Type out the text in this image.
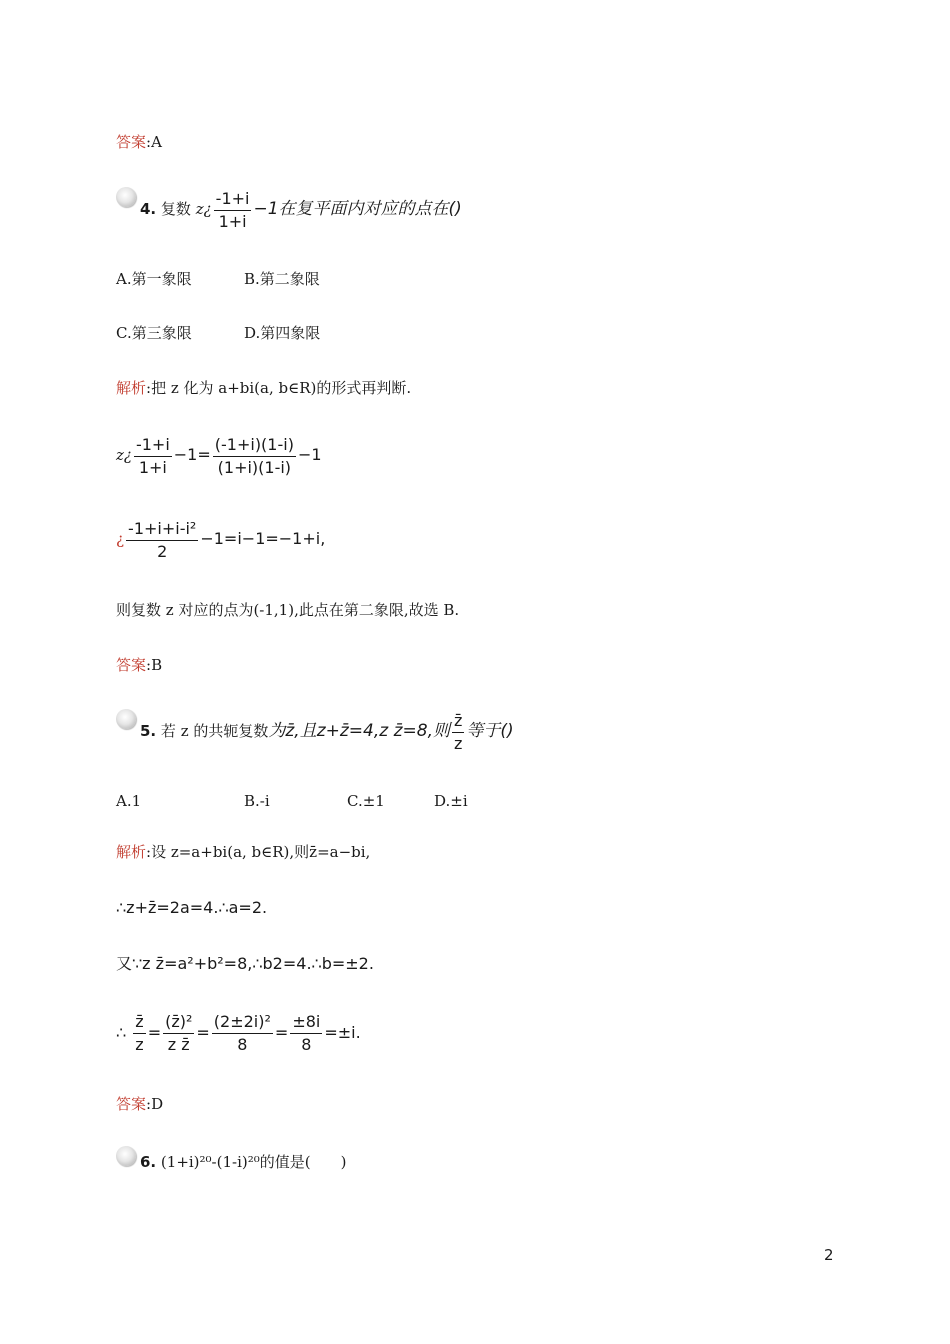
答案:A
4. 复数 z¿ $\frac{-1+i}{1+i} -1$在复平面内对应的点在()
A.第一象限	B.第二象限
C.第三象限	D.第四象限
解析:把 z 化为 a+bi(a, b∈R)的形式再判断.
z¿ $\frac{-1+i}{1+i} -1= \frac{(-1+i)(1-i)}{(1+i)(1-i)} -1$
¿ $\frac{\text{-1+i+i-i²}}{2} -1=i-1=-1+i$,
则复数 z 对应的点为(-1,1),此点在第二象限,故选 B.
答案:B
5. 若 z 的共轭复数为z̄,且z+z̄=4,z z̄=8,则 $\frac{z̄}{z}$ 等于()
A.1	B.-i	C.±1	D.±i
解析:设 z=a+bi(a, b∈R),则z̄=a−bi,
∴z+z̄=2a=4.∴a=2.
又∵z z̄=a²+b²=8,∴b2=4.∴b=±2.
∴ $\frac{z̄}{z} = \frac{\text{(z̄)²}}{\text{z z̄}} = \frac{\text{(2±2i)²}}{8} = \frac{\pm 8i}{8} =\pm i$.
答案:D
6. (1+i)²⁰-(1-i)²⁰的值是(　　)
2
